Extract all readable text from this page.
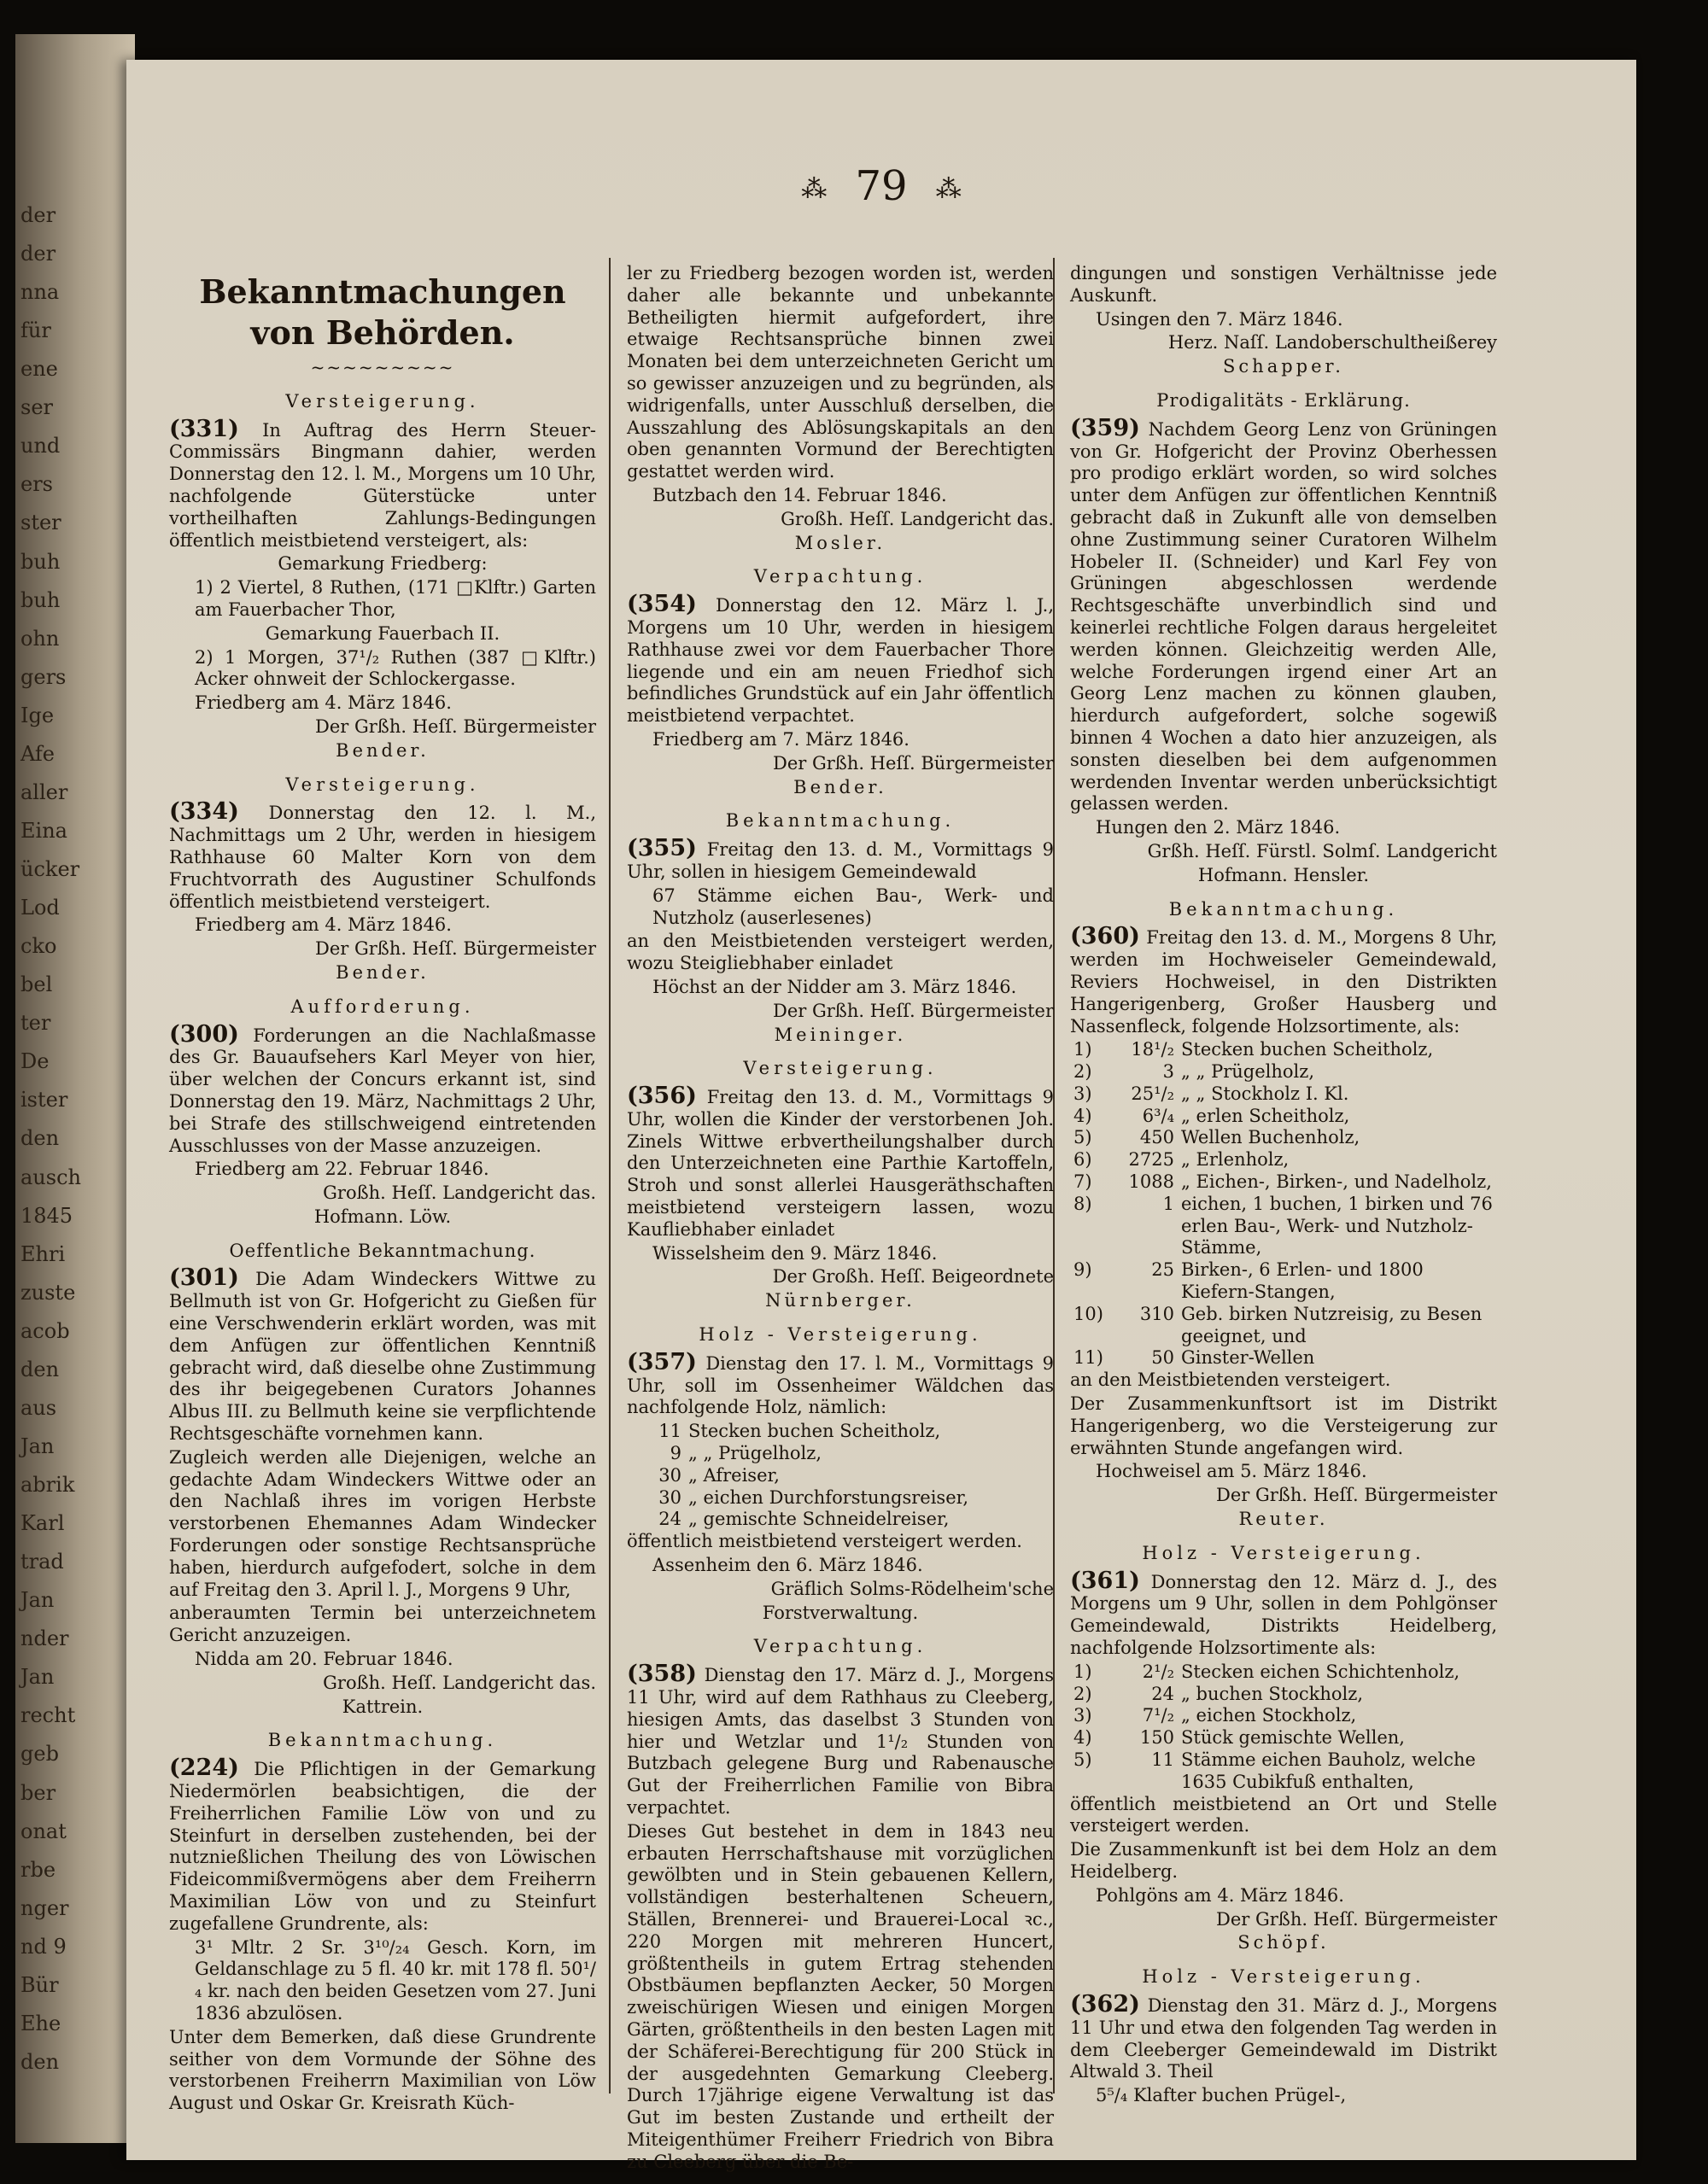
der
der
nna
für
ene
ser
und
ers
ster
buh
buh
ohn
gers
Ige
Afe
aller
Eina
ücker
Lod
cko
bel
ter
De
ister
den
ausch
1845
Ehri
zuste
acob
den
aus
Jan
abrik
Karl
trad
Jan
nder
Jan
recht
geb
ber
onat
rbe
nger
nd 9
Bür
Ehe
den
⁂ 79 ⁂
Bekanntmachungen von Behörden.
~~~~~~~~~
Versteigerung.

(331) In Auftrag des Herrn Steuer-Commissärs Bingmann dahier, werden Donnerstag den 12. l. M., Morgens um 10 Uhr, nachfolgende Güterstücke unter vortheilhaften Zahlungs-Bedingungen öffentlich meistbietend versteigert, als:

Gemarkung Friedberg:

1) 2 Viertel, 8 Ruthen, (171 □Klftr.) Garten am Fauerbacher Thor,

Gemarkung Fauerbach II.

2) 1 Morgen, 37¹/₂ Ruthen (387 □Klftr.) Acker ohnweit der Schlockergasse.

Friedberg am 4. März 1846.

Der Grßh. Heſſ. Bürgermeister

Bender.

Versteigerung.

(334) Donnerstag den 12. l. M., Nachmittags um 2 Uhr, werden in hiesigem Rathhause 60 Malter Korn von dem Fruchtvorrath des Augustiner Schulfonds öffentlich meistbietend versteigert.

Friedberg am 4. März 1846.

Der Grßh. Heſſ. Bürgermeister

Bender.

Aufforderung.

(300) Forderungen an die Nachlaßmasse des Gr. Bauaufsehers Karl Meyer von hier, über welchen der Concurs erkannt ist, sind Donnerstag den 19. März, Nachmittags 2 Uhr, bei Strafe des stillschweigend eintretenden Ausschlusses von der Masse anzuzeigen.

Friedberg am 22. Februar 1846.

Großh. Heſſ. Landgericht das.

Hofmann. Löw.

Oeffentliche Bekanntmachung.

(301) Die Adam Windeckers Wittwe zu Bellmuth ist von Gr. Hofgericht zu Gießen für eine Verschwenderin erklärt worden, was mit dem Anfügen zur öffentlichen Kenntniß gebracht wird, daß dieselbe ohne Zustimmung des ihr beigegebenen Curators Johannes Albus III. zu Bellmuth keine sie verpflichtende Rechtsgeschäfte vornehmen kann.

Zugleich werden alle Diejenigen, welche an gedachte Adam Windeckers Wittwe oder an den Nachlaß ihres im vorigen Herbste verstorbenen Ehemannes Adam Windecker Forderungen oder sonstige Rechtsansprüche haben, hierdurch aufgefodert, solche in dem auf Freitag den 3. April l. J., Morgens 9 Uhr,

anberaumten Termin bei unterzeichnetem Gericht anzuzeigen.

Nidda am 20. Februar 1846.

Großh. Heſſ. Landgericht das.

Kattrein.

Bekanntmachung.

(224) Die Pflichtigen in der Gemarkung Niedermörlen beabsichtigen, die der Freiherrlichen Familie Löw von und zu Steinfurt in derselben zustehenden, bei der nutznießlichen Theilung des von Löwischen Fideicommißvermögens aber dem Freiherrn Maximilian Löw von und zu Steinfurt zugefallene Grundrente, als:

3¹ Mltr. 2 Sr. 3¹⁰/₂₄ Gesch. Korn, im Geldanschlage zu 5 fl. 40 kr. mit 178 fl. 50¹/₄ kr. nach den beiden Gesetzen vom 27. Juni 1836 abzulösen.

Unter dem Bemerken, daß diese Grundrente seither von dem Vormunde der Söhne des verstorbenen Freiherrn Maximilian von Löw August und Oskar Gr. Kreisrath Küch-

ler zu Friedberg bezogen worden ist, werden daher alle bekannte und unbekannte Betheiligten hiermit aufgefordert, ihre etwaige Rechtsansprüche binnen zwei Monaten bei dem unterzeichneten Gericht um so gewisser anzuzeigen und zu begründen, als widrigenfalls, unter Ausschluß derselben, die Ausszahlung des Ablösungskapitals an den oben genannten Vormund der Berechtigten gestattet werden wird.

Butzbach den 14. Februar 1846.

Großh. Heſſ. Landgericht das.

Mosler.

Verpachtung.

(354) Donnerstag den 12. März l. J., Morgens um 10 Uhr, werden in hiesigem Rathhause zwei vor dem Fauerbacher Thore liegende und ein am neuen Friedhof sich befindliches Grundstück auf ein Jahr öffentlich meistbietend verpachtet.

Friedberg am 7. März 1846.

Der Grßh. Heſſ. Bürgermeister

Bender.

Bekanntmachung.

(355) Freitag den 13. d. M., Vormittags 9 Uhr, sollen in hiesigem Gemeindewald

67 Stämme eichen Bau-, Werk- und Nutzholz (auserlesenes)

an den Meistbietenden versteigert werden, wozu Steigliebhaber einladet

Höchst an der Nidder am 3. März 1846.

Der Grßh. Heſſ. Bürgermeister

Meininger.

Versteigerung.

(356) Freitag den 13. d. M., Vormittags 9 Uhr, wollen die Kinder der verstorbenen Joh. Zinels Wittwe erbvertheilungshalber durch den Unterzeichneten eine Parthie Kartoffeln, Stroh und sonst allerlei Hausgeräthschaften meistbietend versteigern lassen, wozu Kaufliebhaber einladet

Wisselsheim den 9. März 1846.

Der Großh. Heſſ. Beigeordnete

Nürnberger.

Holz - Versteigerung.

(357) Dienstag den 17. l. M., Vormittags 9 Uhr, soll im Ossenheimer Wäldchen das nachfolgende Holz, nämlich:

11	Stecken buchen Scheitholz,
9	„ „ Prügelholz,
30	„ Afreiser,
30	„ eichen Durchforstungsreiser,
24	„ gemischte Schneidelreiser,

öffentlich meistbietend versteigert werden.

Assenheim den 6. März 1846.

Gräflich Solms-Rödelheim'sche

Forstverwaltung.

Verpachtung.

(358) Dienstag den 17. März d. J., Morgens 11 Uhr, wird auf dem Rathhaus zu Cleeberg, hiesigen Amts, das daselbst 3 Stunden von hier und Wetzlar und 1¹/₂ Stunden von Butzbach gelegene Burg und Rabenausche Gut der Freiherrlichen Familie von Bibra verpachtet.

Dieses Gut bestehet in dem in 1843 neu erbauten Herrschaftshause mit vorzüglichen gewölbten und in Stein gebauenen Kellern, vollständigen besterhaltenen Scheuern, Ställen, Brennerei- und Brauerei-Local ꝛc., 220 Morgen mit mehreren Huncert, größtentheils in gutem Ertrag stehenden Obstbäumen bepflanzten Aecker, 50 Morgen zweischürigen Wiesen und einigen Morgen Gärten, größtentheils in den besten Lagen mit der Schäferei-Berechtigung für 200 Stück in der ausgedehnten Gemarkung Cleeberg. Durch 17jährige eigene Verwaltung ist das Gut im besten Zustande und ertheilt der Miteigenthümer Freiherr Friedrich von Bibra zu Cleeberg über die Be-

dingungen und sonstigen Verhältnisse jede Auskunft.

Usingen den 7. März 1846.

Herz. Naſſ. Landoberschultheißerey

Schapper.

Prodigalitäts - Erklärung.

(359) Nachdem Georg Lenz von Grüningen von Gr. Hofgericht der Provinz Oberhessen pro prodigo erklärt worden, so wird solches unter dem Anfügen zur öffentlichen Kenntniß gebracht daß in Zukunft alle von demselben ohne Zustimmung seiner Curatoren Wilhelm Hobeler II. (Schneider) und Karl Fey von Grüningen abgeschlossen werdende Rechtsgeschäfte unverbindlich sind und keinerlei rechtliche Folgen daraus hergeleitet werden können. Gleichzeitig werden Alle, welche Forderungen irgend einer Art an Georg Lenz machen zu können glauben, hierdurch aufgefordert, solche sogewiß binnen 4 Wochen a dato hier anzuzeigen, als sonsten dieselben bei dem aufgenommen werdenden Inventar werden unberücksichtigt gelassen werden.

Hungen den 2. März 1846.

Grßh. Heſſ. Fürstl. Solmſ. Landgericht

Hofmann. Hensler.

Bekanntmachung.

(360) Freitag den 13. d. M., Morgens 8 Uhr, werden im Hochweiseler Gemeindewald, Reviers Hochweisel, in den Distrikten Hangerigenberg, Großer Hausberg und Nassenfleck, folgende Holzsortimente, als:

1)	18¹/₂	Stecken buchen Scheitholz,
2)	3	„ „ Prügelholz,
3)	25¹/₂	„ „ Stockholz I. Kl.
4)	6³/₄	„ erlen Scheitholz,
5)	450	Wellen Buchenholz,
6)	2725	„ Erlenholz,
7)	1088	„ Eichen-, Birken-, und Nadelholz,
8)	1	eichen, 1 buchen, 1 birken und 76 erlen Bau-, Werk- und Nutzholz-Stämme,
9)	25	Birken-, 6 Erlen- und 1800 Kiefern-Stangen,
10)	310	Geb. birken Nutzreisig, zu Besen geeignet, und
11)	50	Ginster-Wellen

an den Meistbietenden versteigert.

Der Zusammenkunftsort ist im Distrikt Hangerigenberg, wo die Versteigerung zur erwähnten Stunde angefangen wird.

Hochweisel am 5. März 1846.

Der Grßh. Heſſ. Bürgermeister

Reuter.

Holz - Versteigerung.

(361) Donnerstag den 12. März d. J., des Morgens um 9 Uhr, sollen in dem Pohlgönser Gemeindewald, Distrikts Heidelberg, nachfolgende Holzsortimente als:

1)	2¹/₂	Stecken eichen Schichtenholz,
2)	24	„ buchen Stockholz,
3)	7¹/₂	„ eichen Stockholz,
4)	150	Stück gemischte Wellen,
5)	11	Stämme eichen Bauholz, welche 1635 Cubikfuß enthalten,

öffentlich meistbietend an Ort und Stelle versteigert werden.

Die Zusammenkunft ist bei dem Holz an dem Heidelberg.

Pohlgöns am 4. März 1846.

Der Grßh. Heſſ. Bürgermeister

Schöpf.

Holz - Versteigerung.

(362) Dienstag den 31. März d. J., Morgens 11 Uhr und etwa den folgenden Tag werden in dem Cleeberger Gemeindewald im Distrikt Altwald 3. Theil

5⁵/₄ Klafter buchen Prügel-,
